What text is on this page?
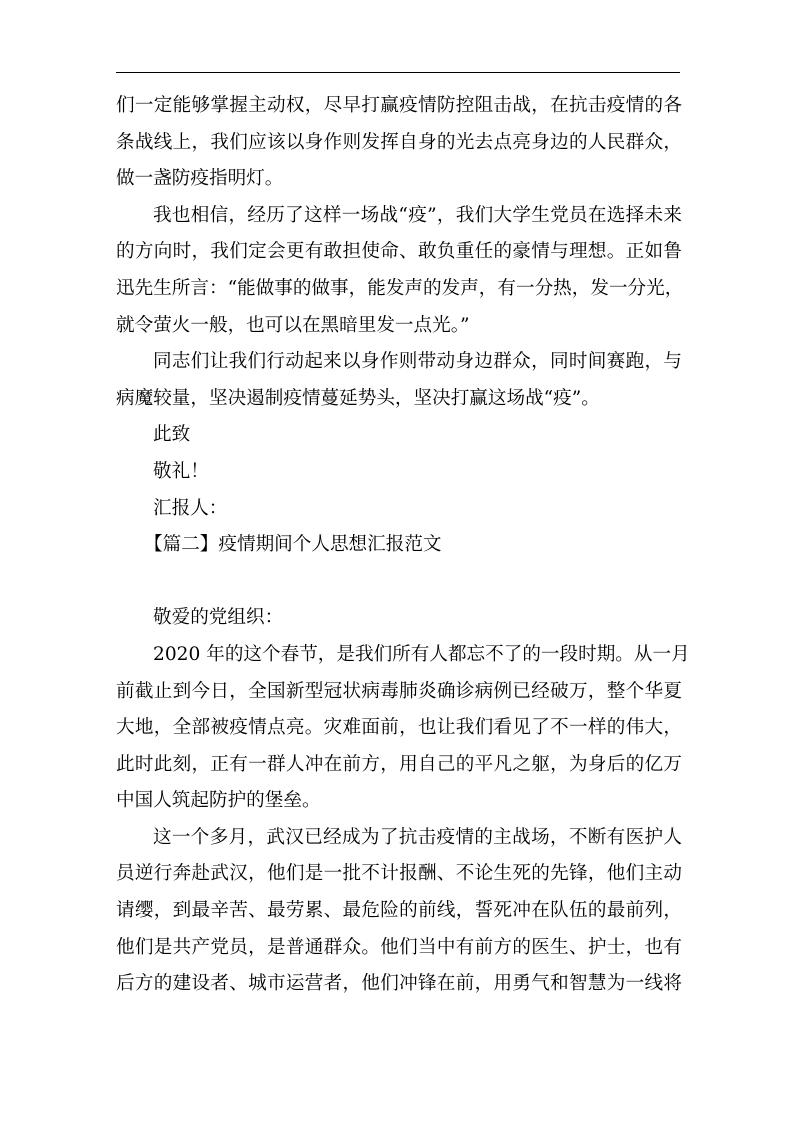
们一定能够掌握主动权，尽早打赢疫情防控阻击战，在抗击疫情的各
条战线上，我们应该以身作则发挥自身的光去点亮身边的人民群众，
做一盏防疫指明灯。
我也相信，经历了这样一场战“疫”，我们大学生党员在选择未来
的方向时，我们定会更有敢担使命、敢负重任的豪情与理想。正如鲁
迅先生所言：“能做事的做事，能发声的发声，有一分热，发一分光，
就令萤火一般，也可以在黑暗里发一点光。”
同志们让我们行动起来以身作则带动身边群众，同时间赛跑，与
病魔较量，坚决遏制疫情蔓延势头，坚决打赢这场战“疫”。
此致
敬礼！
汇报人：
【篇二】疫情期间个人思想汇报范文
敬爱的党组织：
2020 年的这个春节，是我们所有人都忘不了的一段时期。从一月
前截止到今日，全国新型冠状病毒肺炎确诊病例已经破万，整个华夏
大地，全部被疫情点亮。灾难面前，也让我们看见了不一样的伟大，
此时此刻，正有一群人冲在前方，用自己的平凡之躯，为身后的亿万
中国人筑起防护的堡垒。
这一个多月，武汉已经成为了抗击疫情的主战场，不断有医护人
员逆行奔赴武汉，他们是一批不计报酬、不论生死的先锋，他们主动
请缨，到最辛苦、最劳累、最危险的前线，誓死冲在队伍的最前列，
他们是共产党员，是普通群众。他们当中有前方的医生、护士，也有
后方的建设者、城市运营者，他们冲锋在前，用勇气和智慧为一线将
